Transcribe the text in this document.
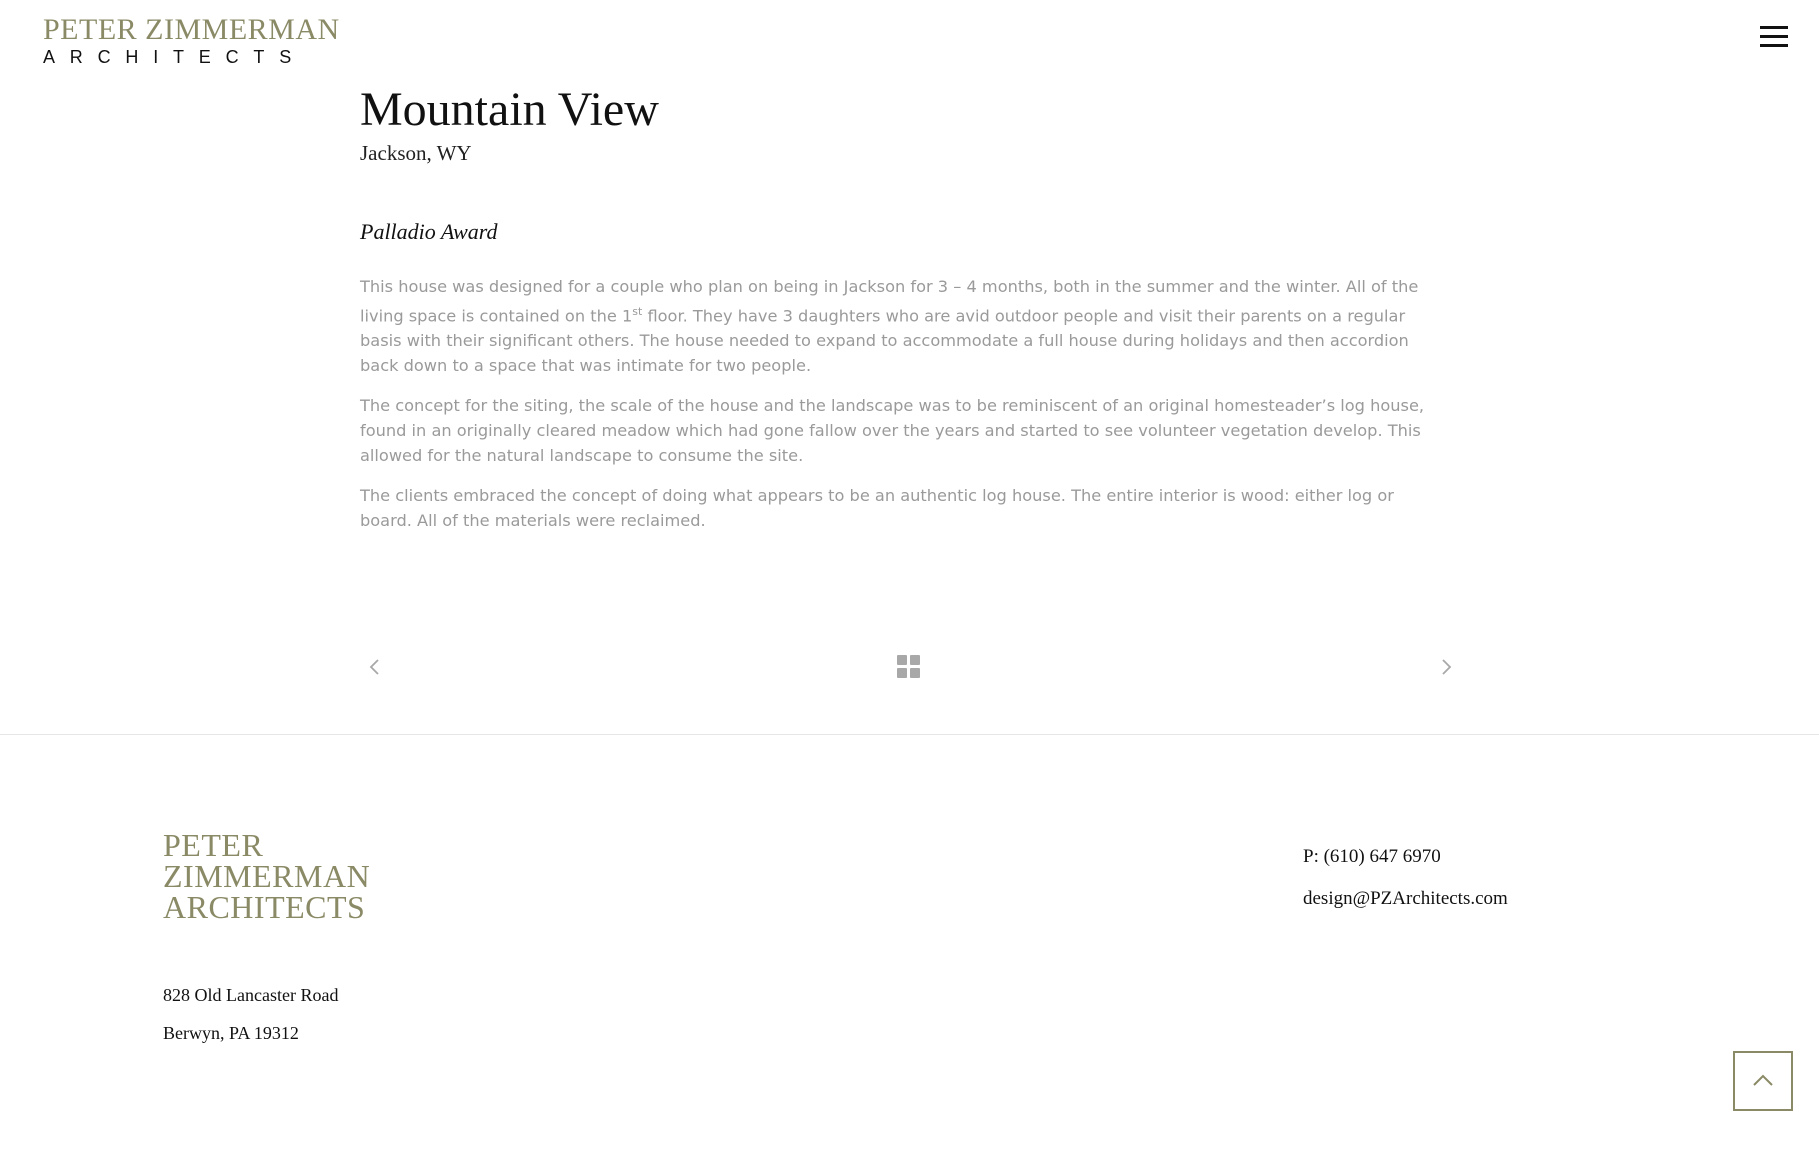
PETER ZIMMERMAN
ARCHITECTS
Mountain View
Jackson, WY
Palladio Award

This house was designed for a couple who plan on being in Jackson for 3 – 4 months, both in the summer and the winter. All of the living space is contained on the 1st floor. They have 3 daughters who are avid outdoor people and visit their parents on a regular basis with their significant others. The house needed to expand to accommodate a full house during holidays and then accordion back down to a space that was intimate for two people.

The concept for the siting, the scale of the house and the landscape was to be reminiscent of an original homesteader’s log house, found in an originally cleared meadow which had gone fallow over the years and started to see volunteer vegetation develop. This allowed for the natural landscape to consume the site.

The clients embraced the concept of doing what appears to be an authentic log house. The entire interior is wood: either log or board. All of the materials were reclaimed.

PETER
ZIMMERMAN
ARCHITECTS
828 Old Lancaster Road
Berwyn, PA 19312
P: (610) 647 6970
design@PZArchitects.com
